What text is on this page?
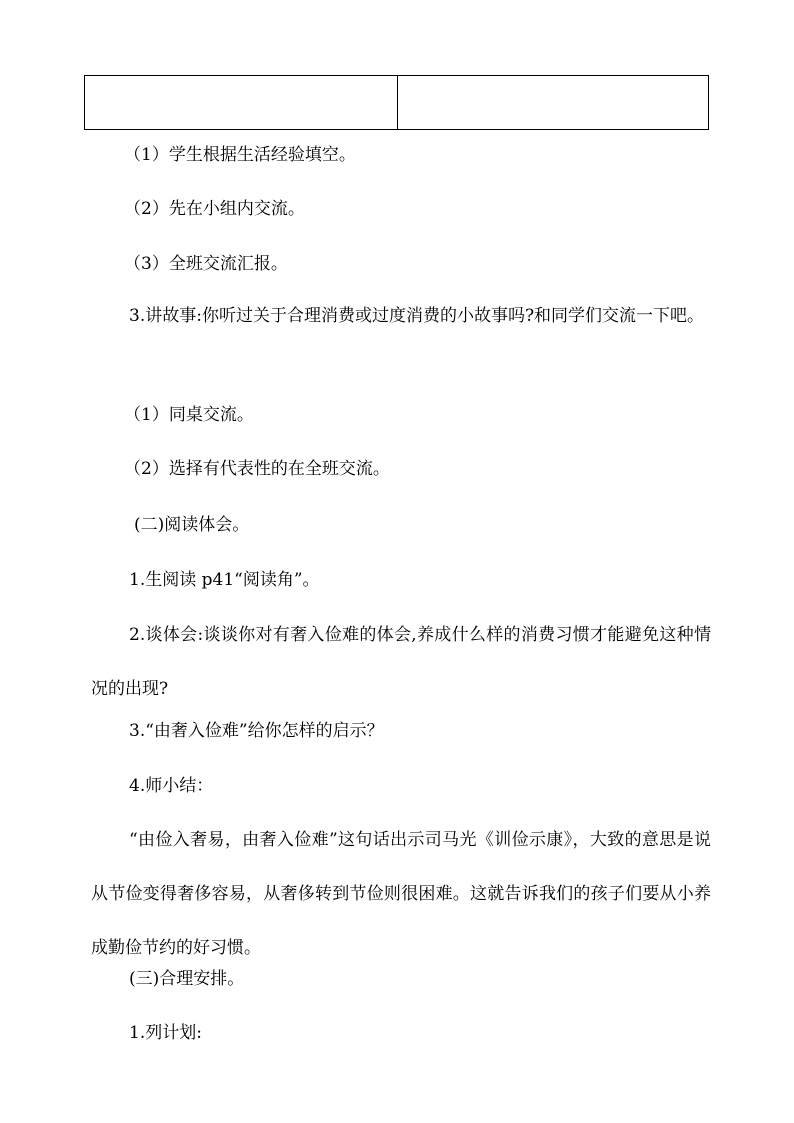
（1）学生根据生活经验填空。

（2）先在小组内交流。

（3）全班交流汇报。

3.讲故事:你听过关于合理消费或过度消费的小故事吗?和同学们交流一下吧。

（1）同桌交流。

（2）选择有代表性的在全班交流。

(二)阅读体会。

1.生阅读 p41“阅读角”。

2.谈体会:谈谈你对有奢入俭难的体会,养成什么样的消费习惯才能避免这种情况的出现?

3.“由奢入俭难”给你怎样的启示？

4.师小结：

“由俭入奢易，由奢入俭难”这句话出示司马光《训俭示康》，大致的意思是说从节俭变得奢侈容易，从奢侈转到节俭则很困难。这就告诉我们的孩子们要从小养成勤俭节约的好习惯。

(三)合理安排。

1.列计划:
